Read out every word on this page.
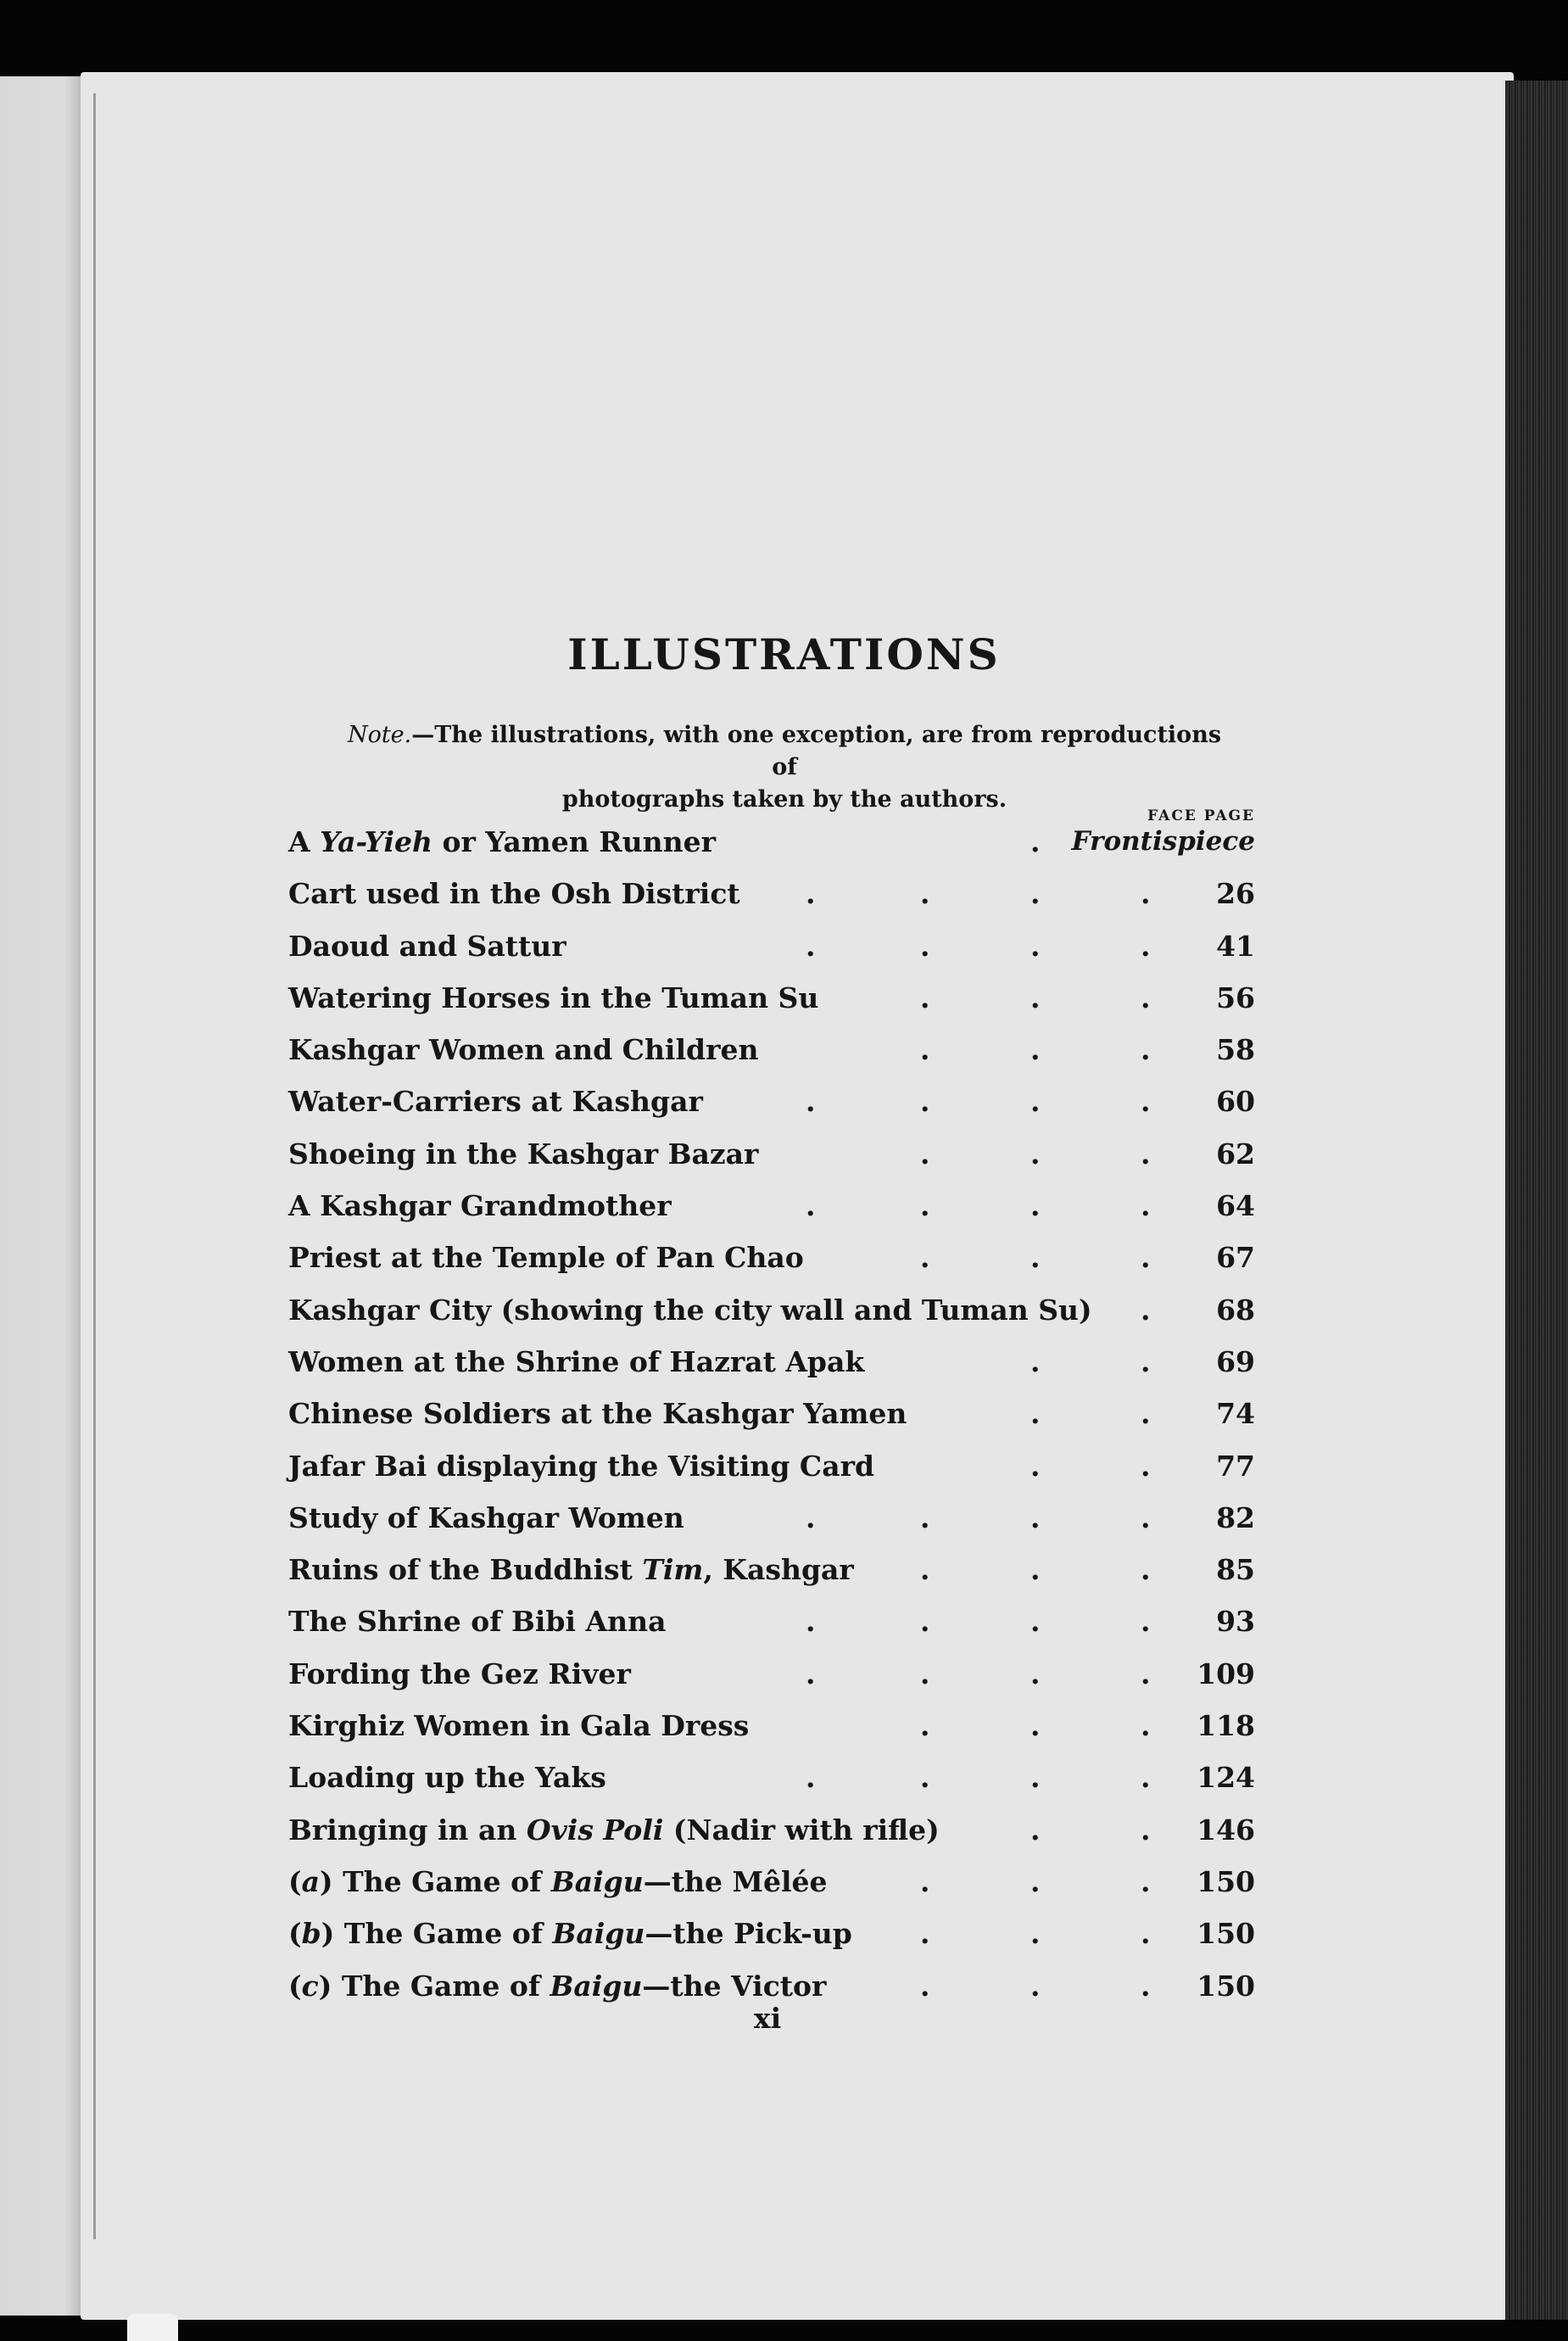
ILLUSTRATIONS
Note.—The illustrations, with one exception, are from reproductions of
photographs taken by the authors.
FACE PAGE
A Ya-Yieh or Yamen Runner	. Frontispiece
Cart used in the Osh District .	.	.	. 26
Daoud and Sattur	.	.	.	. 41
Watering Horses in the Tuman Su	.	.	. 56
Kashgar Women and Children	.	.	. 58
Water-Carriers at Kashgar	.	.	.	. 60
Shoeing in the Kashgar Bazar	.	.	. 62
A Kashgar Grandmother	.	.	.	. 64
Priest at the Temple of Pan Chao	.	.	. 67
Kashgar City (showing the city wall and Tuman Su) . 68
Women at the Shrine of Hazrat Apak	.	. 69
Chinese Soldiers at the Kashgar Yamen	.	. 74
Jafar Bai displaying the Visiting Card	.	. 77
Study of Kashgar Women	.	.	.	. 82
Ruins of the Buddhist Tim, Kashgar .	.	. 85
The Shrine of Bibi Anna	.	.	.	. 93
Fording the Gez River	.	.	.	. 109
Kirghiz Women in Gala Dress	.	.	. 118
Loading up the Yaks	.	.	.	. 124
Bringing in an Ovis Poli (Nadir with rifle)	.	. 146
(a) The Game of Baigu—the Mêlée	.	.	. 150
(b) The Game of Baigu—the Pick-up .	.	. 150
(c) The Game of Baigu—the Victor	.	.	. 150
xi
